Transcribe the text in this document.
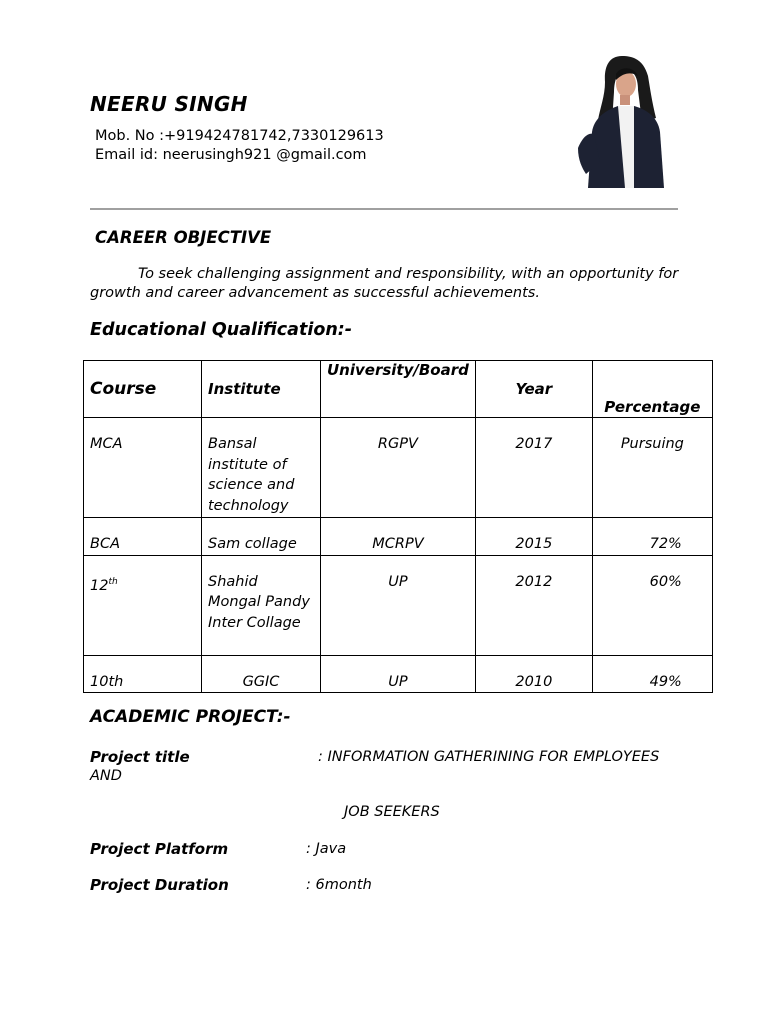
NEERU SINGH
Mob. No :+919424781742,7330129613
Email id: neerusingh921 @gmail.com
CAREER OBJECTIVE
To seek challenging assignment and responsibility, with an opportunity for growth and career advancement as successful achievements.
Educational Qualification:-
Course	Institute	University/Board	Year	Percentage
MCA	Bansal institute of science and technology	RGPV	2017	Pursuing
BCA	Sam collage	MCRPV	2015	72%
12th	Shahid Mongal Pandy Inter Collage	UP	2012	60%
10th	GGIC	UP	2010	49%
ACADEMIC PROJECT:-
Project title	: INFORMATION GATHERINING FOR EMPLOYEES
AND
JOB SEEKERS
Project Platform	: Java
Project Duration	: 6month
